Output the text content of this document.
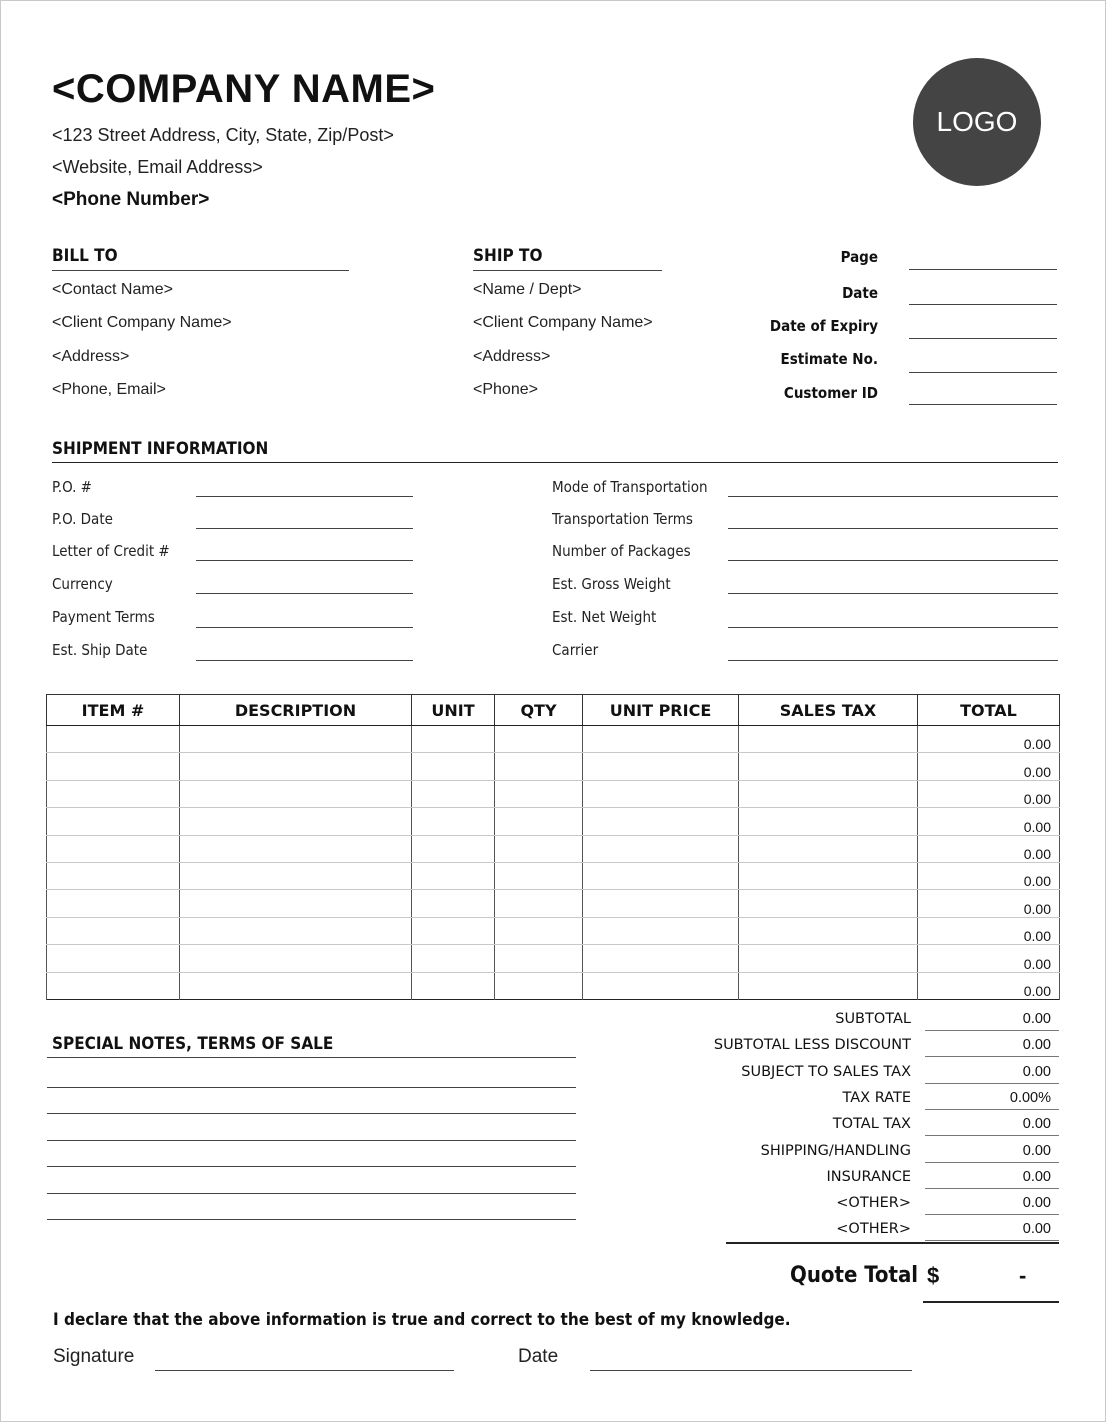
<COMPANY NAME>
<123 Street Address, City, State, Zip/Post>
<Website, Email Address>
<Phone Number>
LOGO
BILL TO
<Contact Name>
<Client Company Name>
<Address>
<Phone, Email>
SHIP TO
<Name / Dept>
<Client Company Name>
<Address>
<Phone>
Page
Date
Date of Expiry
Estimate No.
Customer ID
SHIPMENT INFORMATION
P.O. #
P.O. Date
Letter of Credit #
Currency
Payment Terms
Est. Ship Date
Mode of Transportation
Transportation Terms
Number of Packages
Est. Gross Weight
Est. Net Weight
Carrier
ITEM #	DESCRIPTION	UNIT	QTY	UNIT PRICE	SALES TAX	TOTAL
						0.00
						0.00
						0.00
						0.00
						0.00
						0.00
						0.00
						0.00
						0.00
						0.00
SPECIAL NOTES, TERMS OF SALE
SUBTOTAL	0.00
SUBTOTAL LESS DISCOUNT	0.00
SUBJECT TO SALES TAX	0.00
TAX RATE	0.00%
TOTAL TAX	0.00
SHIPPING/HANDLING	0.00
INSURANCE	0.00
<OTHER>	0.00
<OTHER>	0.00
Quote Total $	-
I declare that the above information is true and correct to the best of my knowledge.
Signature	Date
